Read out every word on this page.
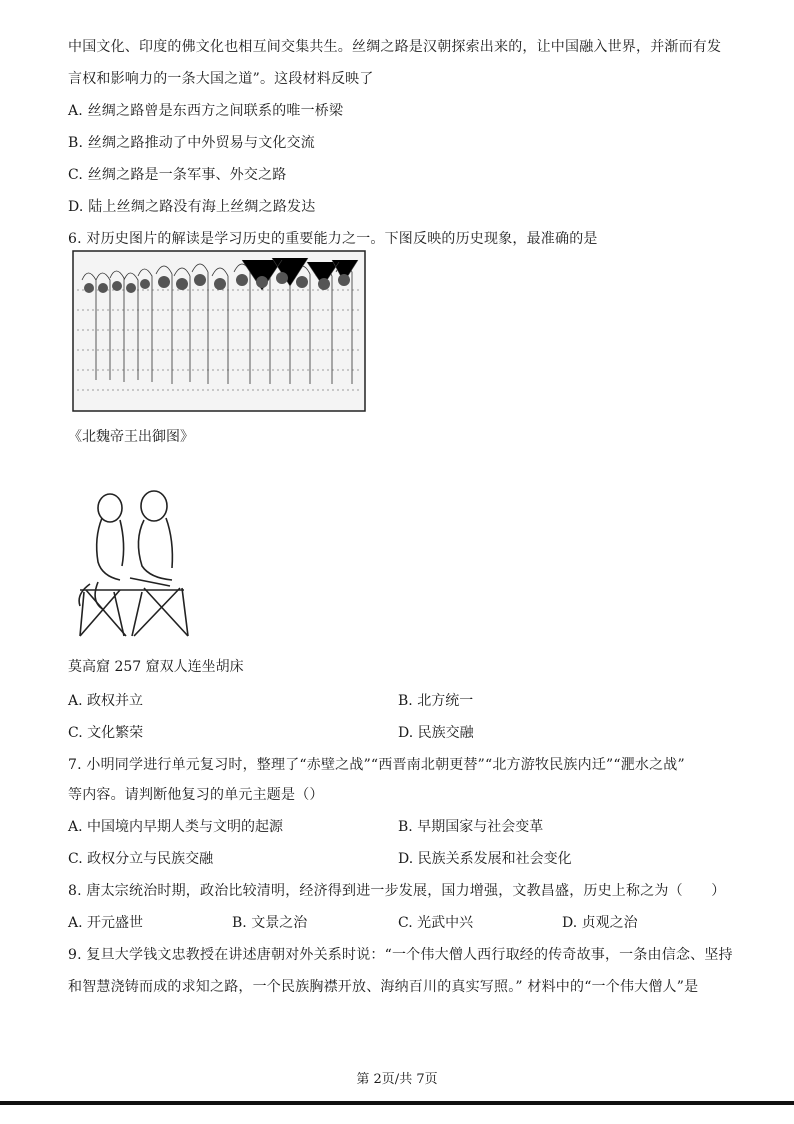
中国文化、印度的佛文化也相互间交集共生。丝绸之路是汉朝探索出来的，让中国融入世界，并渐而有发
言权和影响力的一条大国之道”。这段材料反映了
A. 丝绸之路曾是东西方之间联系的唯一桥梁
B. 丝绸之路推动了中外贸易与文化交流
C. 丝绸之路是一条军事、外交之路
D. 陆上丝绸之路没有海上丝绸之路发达
6. 对历史图片的解读是学习历史的重要能力之一。下图反映的历史现象，最准确的是
《北魏帝王出御图》
莫高窟 257 窟双人连坐胡床
A. 政权并立	B. 北方统一
C. 文化繁荣	D. 民族交融
7. 小明同学进行单元复习时，整理了“赤壁之战”“西晋南北朝更替”“北方游牧民族内迁”“淝水之战”
等内容。请判断他复习的单元主题是（）
A. 中国境内早期人类与文明的起源	B. 早期国家与社会变革
C. 政权分立与民族交融	D. 民族关系发展和社会变化
8. 唐太宗统治时期，政治比较清明，经济得到进一步发展，国力增强，文教昌盛，历史上称之为（　　）
A. 开元盛世	B. 文景之治	C. 光武中兴	D. 贞观之治
9. 复旦大学钱文忠教授在讲述唐朝对外关系时说：“一个伟大僧人西行取经的传奇故事，一条由信念、坚持
和智慧浇铸而成的求知之路，一个民族胸襟开放、海纳百川的真实写照。” 材料中的“一个伟大僧人”是
第 2页/共 7页
